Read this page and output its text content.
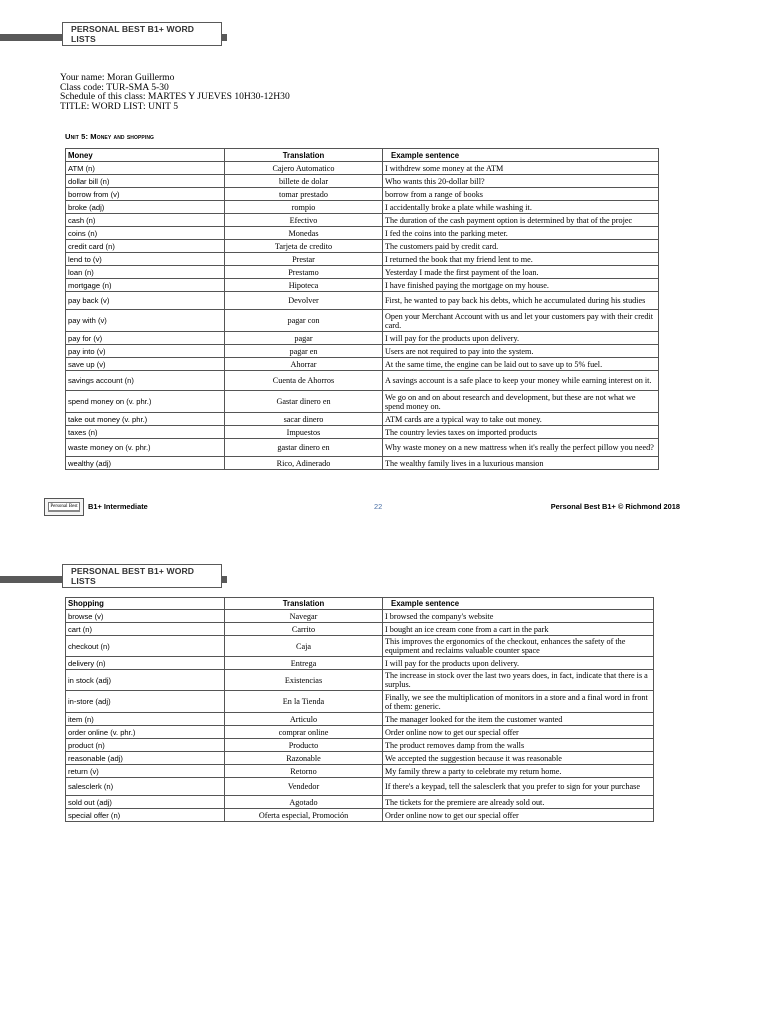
PERSONAL BEST B1+ WORD LISTS
Your name: Moran Guillermo
Class code: TUR-SMA 5-30
Schedule of this class: MARTES Y JUEVES 10H30-12H30
TITLE: WORD LIST: UNIT 5
Unit 5: Money and shopping
Money	Translation	Example sentence
ATM (n)	Cajero Automatico	I withdrew some money at the ATM
dollar bill (n)	billete de dolar	Who wants this 20-dollar bill?
borrow from (v)	tomar prestado	borrow from a range of books
broke (adj)	rompio	I accidentally broke a plate while washing it.
cash (n)	Efectivo	The duration of the cash payment option is determined by that of the projec
coins (n)	Monedas	I fed the coins into the parking meter.
credit card (n)	Tarjeta de credito	The customers paid by credit card.
lend to (v)	Prestar	I returned the book that my friend lent to me.
loan (n)	Prestamo	Yesterday I made the first payment of the loan.
mortgage (n)	Hipoteca	I have finished paying the mortgage on my house.
pay back (v)	Devolver	First, he wanted to pay back his debts, which he accumulated during his studies
pay with (v)	pagar con	Open your Merchant Account with us and let your customers pay with their credit card.
pay for (v)	pagar	I will pay for the products upon delivery.
pay into (v)	pagar en	Users are not required to pay into the system.
save up (v)	Ahorrar	At the same time, the engine can be laid out to save up to 5% fuel.
savings account (n)	Cuenta de Ahorros	A savings account is a safe place to keep your money while earning interest on it.
spend money on (v. phr.)	Gastar dinero en	We go on and on about research and development, but these are not what we spend money on.
take out money (v. phr.)	sacar dinero	ATM cards are a typical way to take out money.
taxes (n)	Impuestos	The country levies taxes on imported products
waste money on (v. phr.)	gastar dinero en	Why waste money on a new mattress when it's really the perfect pillow you need?
wealthy (adj)	Rico, Adinerado	The wealthy family lives in a luxurious mansion
Personal Best	B1+ Intermediate	22	Personal Best B1+ © Richmond 2018
PERSONAL BEST B1+ WORD LISTS
Shopping	Translation	Example sentence
browse (v)	Navegar	I browsed the company's website
cart (n)	Carrito	I bought an ice cream cone from a cart in the park
checkout (n)	Caja	This improves the ergonomics of the checkout, enhances the safety of the equipment and reclaims valuable counter space
delivery (n)	Entrega	I will pay for the products upon delivery.
in stock (adj)	Existencias	The increase in stock over the last two years does, in fact, indicate that there is a surplus.
in-store (adj)	En la Tienda	Finally, we see the multiplication of monitors in a store and a final word in front of them: generic.
item (n)	Articulo	The manager looked for the item the customer wanted
order online (v. phr.)	comprar online	Order online now to get our special offer
product (n)	Producto	The product removes damp from the walls
reasonable (adj)	Razonable	We accepted the suggestion because it was reasonable
return (v)	Retorno	My family threw a party to celebrate my return home.
salesclerk (n)	Vendedor	If there's a keypad, tell the salesclerk that you prefer to sign for your purchase
sold out (adj)	Agotado	The tickets for the premiere are already sold out.
special offer (n)	Oferta especial, Promoción	Order online now to get our special offer
